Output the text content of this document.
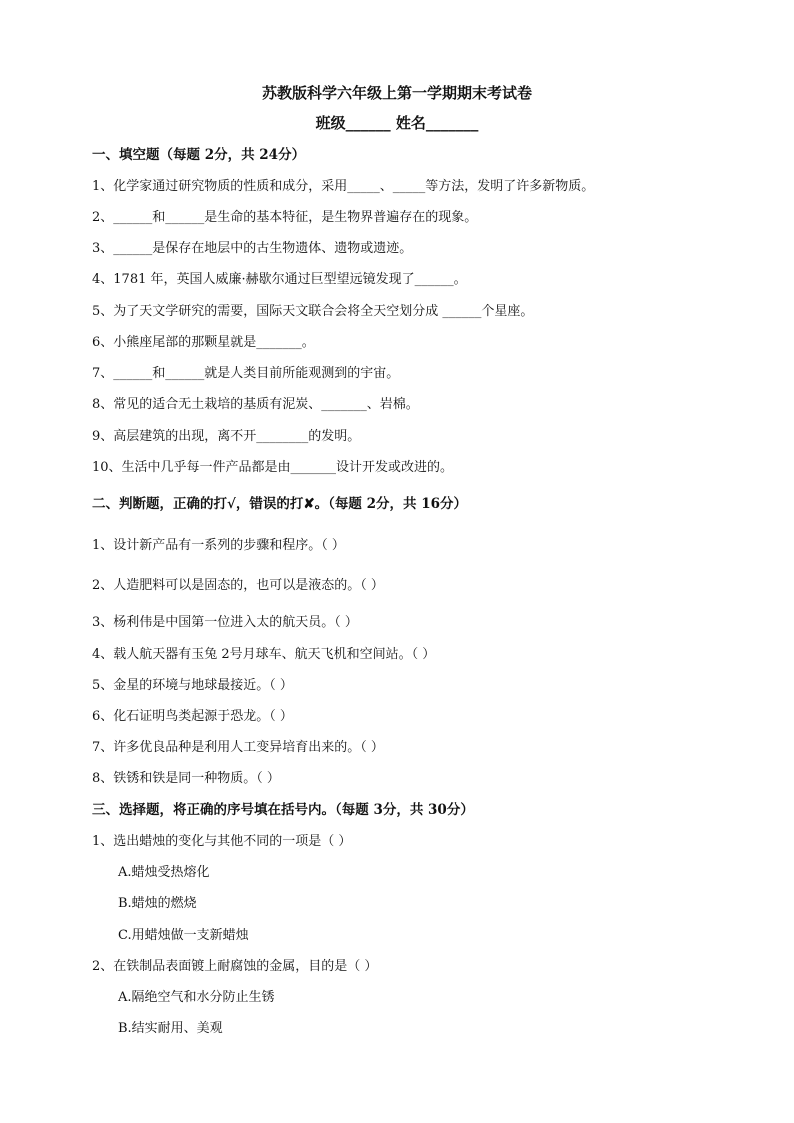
苏教版科学六年级上第一学期期末考试卷
班级______ 姓名_______
一、填空题（每题 2分，共 24分）
1、化学家通过研究物质的性质和成分，采用_____、_____等方法，发明了许多新物质。
2、______和______是生命的基本特征，是生物界普遍存在的现象。
3、______是保存在地层中的古生物遗体、遗物或遗迹。
4、1781 年，英国人威廉·赫歇尔通过巨型望远镜发现了______。
5、为了天文学研究的需要，国际天文联合会将全天空划分成 ______个星座。
6、小熊座尾部的那颗星就是_______。
7、______和______就是人类目前所能观测到的宇宙。
8、常见的适合无土栽培的基质有泥炭、_______、岩棉。
9、高层建筑的出现，离不开________的发明。
10、生活中几乎每一件产品都是由_______设计开发或改进的。
二、判断题，正确的打√，错误的打✘。（每题 2分，共 16分）
1、设计新产品有一系列的步骤和程序。（ ）
2、人造肥料可以是固态的，也可以是液态的。（ ）
3、杨利伟是中国第一位进入太的航天员。（ ）
4、载人航天器有玉兔 2号月球车、航天飞机和空间站。（ ）
5、金星的环境与地球最接近。（ ）
6、化石证明鸟类起源于恐龙。（ ）
7、许多优良品种是利用人工变异培育出来的。（ ）
8、铁锈和铁是同一种物质。（ ）
三、选择题，将正确的序号填在括号内。（每题 3分，共 30分）
1、选出蜡烛的变化与其他不同的一项是（ ）
A.蜡烛受热熔化
B.蜡烛的燃烧
C.用蜡烛做一支新蜡烛
2、在铁制品表面镀上耐腐蚀的金属，目的是（ ）
A.隔绝空气和水分防止生锈
B.结实耐用、美观
